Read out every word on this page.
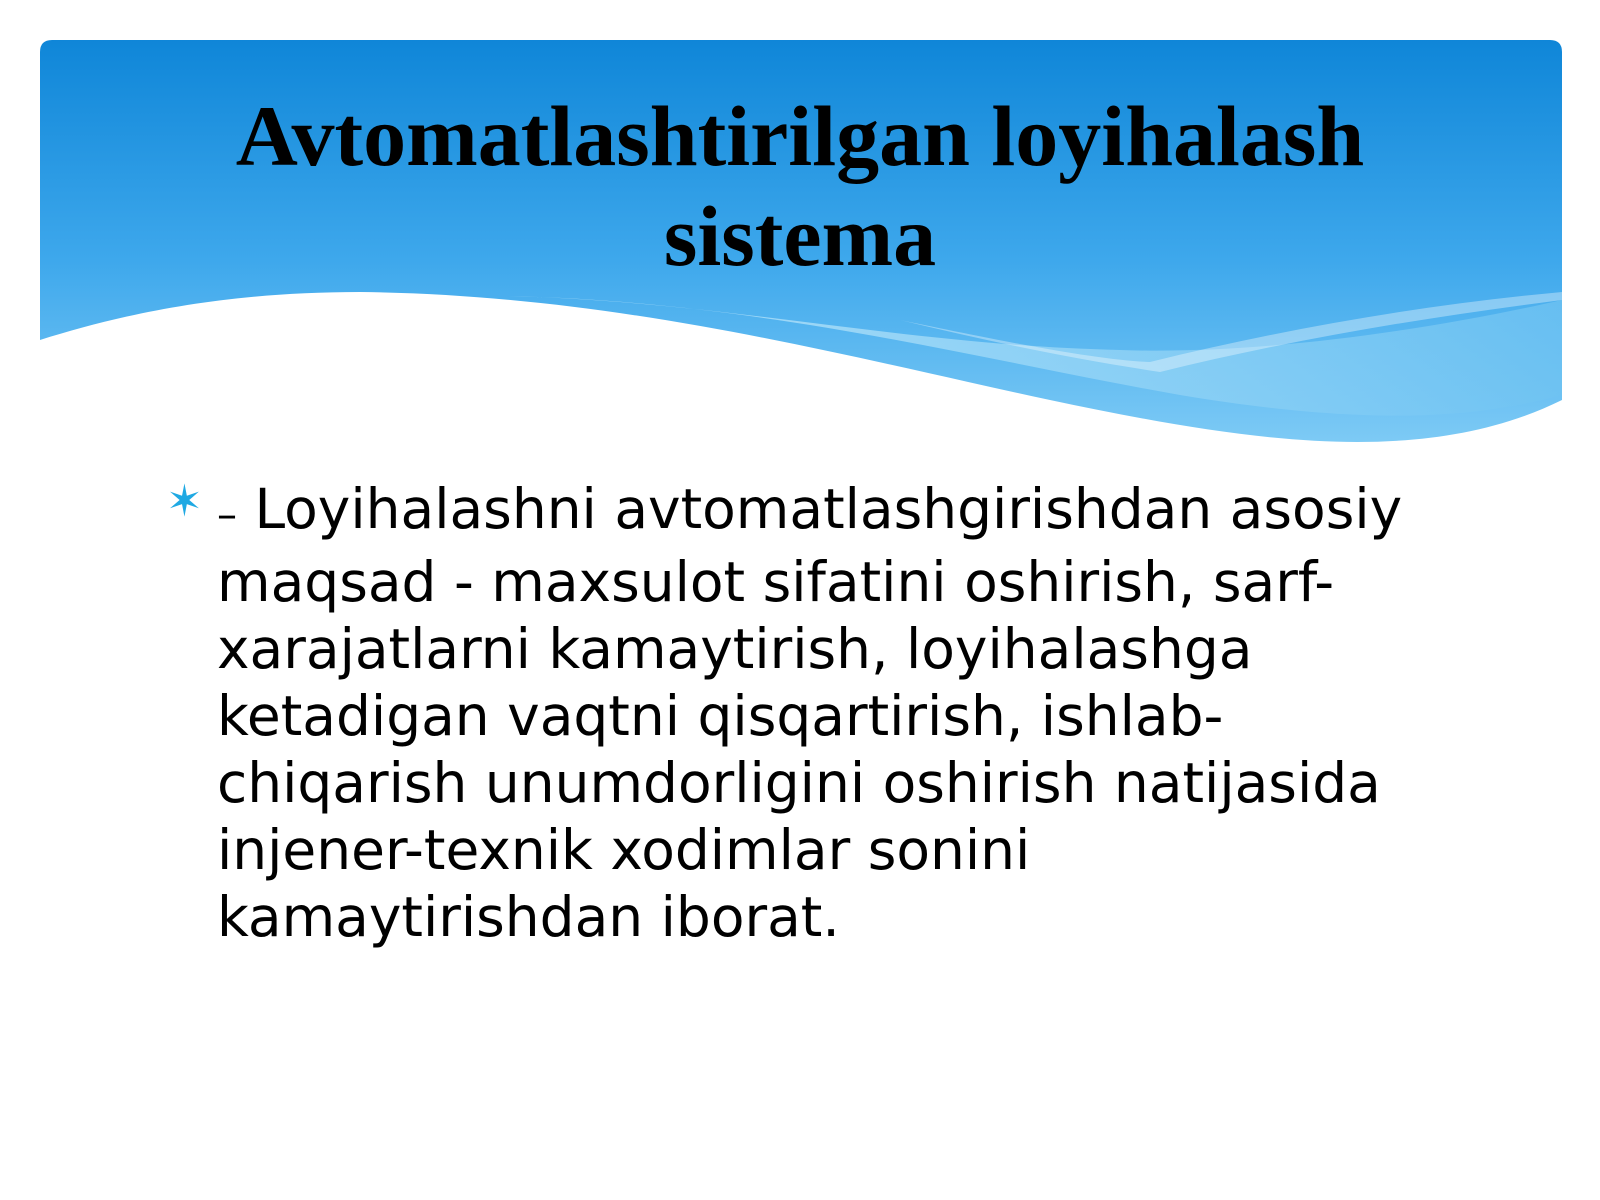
Avtomatlashtirilgan loyihalash sistema
✶ – Loyihalashni avtomatlashgirishdan asosiy maqsad - maxsulot sifatini oshirish, sarf-xarajatlarni kamaytirish, loyihalashga ketadigan vaqtni qisqartirish, ishlab- chiqarish unumdorligini oshirish natijasida injener-texnik xodimlar sonini kamaytirishdan iborat.
